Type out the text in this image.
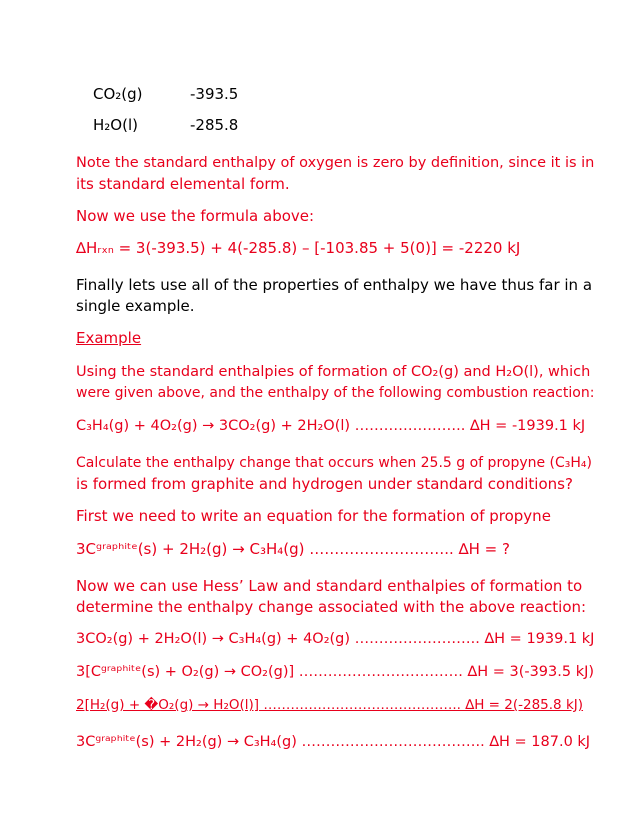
CO₂(g)	-393.5
H₂O(l)	-285.8
Note the standard enthalpy of oxygen is zero by definition, since it is in
its standard elemental form.
Now we use the formula above:
∆Hᵣₓₙ = 3(-393.5) + 4(-285.8) – [-103.85 + 5(0)] = -2220 kJ
Finally lets use all of the properties of enthalpy we have thus far in a
single example.
Example
Using the standard enthalpies of formation of CO₂(g) and H₂O(l), which
were given above, and the enthalpy of the following combustion reaction:
C₃H₄(g) + 4O₂(g) → 3CO₂(g) + 2H₂O(l) ………………….. ∆H = -1939.1 kJ
Calculate the enthalpy change that occurs when 25.5 g of propyne (C₃H₄)
is formed from graphite and hydrogen under standard conditions?
First we need to write an equation for the formation of propyne
3Cᵍʳᵃᵖʰⁱᵗᵉ(s) + 2H₂(g) → C₃H₄(g) ……………………….. ∆H = ?
Now we can use Hess’ Law and standard enthalpies of formation to
determine the enthalpy change associated with the above reaction:
3CO₂(g) + 2H₂O(l) → C₃H₄(g) + 4O₂(g) …………………….. ∆H = 1939.1 kJ
3[Cᵍʳᵃᵖʰⁱᵗᵉ(s) + O₂(g) → CO₂(g)] ……………………………. ∆H = 3(-393.5 kJ)
2[H₂(g) + �O₂(g) → H₂O(l)] …………………………………….. ∆H = 2(-285.8 kJ)
3Cᵍʳᵃᵖʰⁱᵗᵉ(s) + 2H₂(g) → C₃H₄(g) ……………………………….. ∆H = 187.0 kJ
